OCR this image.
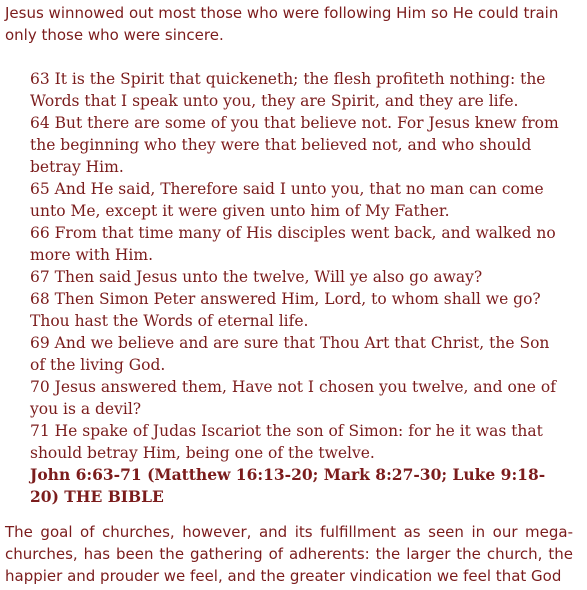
Jesus winnowed out most those who were following Him so He could train only those who were sincere.

63 It is the Spirit that quickeneth; the flesh profiteth nothing: the Words that I speak unto you, they are Spirit, and they are life.

64 But there are some of you that believe not. For Jesus knew from the beginning who they were that believed not, and who should betray Him.

65 And He said, Therefore said I unto you, that no man can come unto Me, except it were given unto him of My Father.

66 From that time many of His disciples went back, and walked no more with Him.

67 Then said Jesus unto the twelve, Will ye also go away?

68 Then Simon Peter answered Him, Lord, to whom shall we go? Thou hast the Words of eternal life.

69 And we believe and are sure that Thou Art that Christ, the Son of the living God.

70 Jesus answered them, Have not I chosen you twelve, and one of you is a devil?

71 He spake of Judas Iscariot the son of Simon: for he it was that should betray Him, being one of the twelve.

John 6:63-71 (Matthew 16:13-20; Mark 8:27-30; Luke 9:18-20) THE BIBLE

The goal of churches, however, and its fulfillment as seen in our mega-churches, has been the gathering of adherents: the larger the church, the happier and prouder we feel, and the greater vindication we feel that God
